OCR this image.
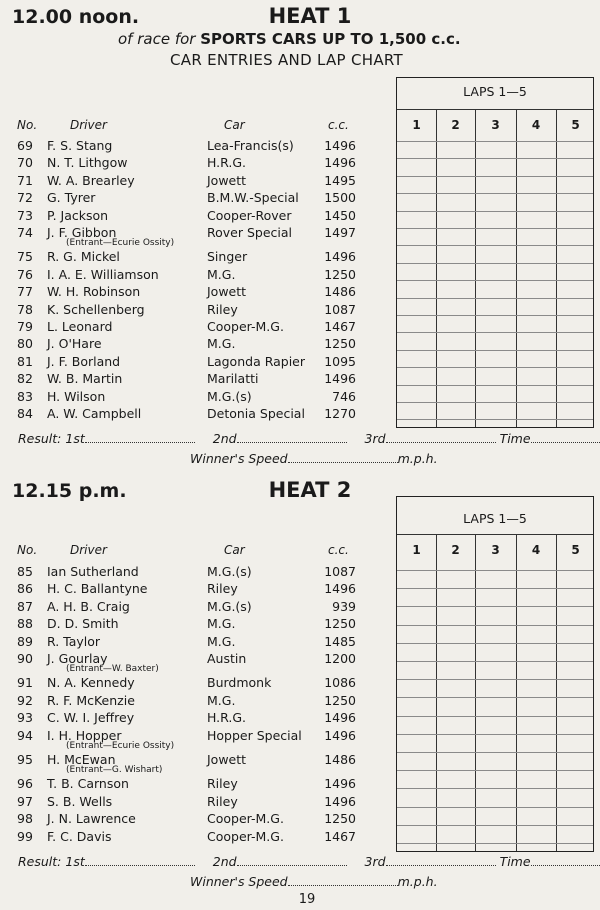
12.00 noon.	HEAT 1
of race for SPORTS CARS UP TO 1,500 c.c.
CAR ENTRIES AND LAP CHART
No.	Driver	Car	c.c.
69	F. S. Stang	Lea-Francis(s) 1496
70	N. T. Lithgow	H.R.G.	1496
71	W. A. Brearley	Jowett	1495
72	G. Tyrer	B.M.W.-Special 1500
73	P. Jackson	Cooper-Rover	1450
74	J. F. Gibbon	Rover Special	1497
(Entrant—Ecurie Ossity)
75	R. G. Mickel	Singer	1496
76	I. A. E. Williamson	M.G.	1250
77	W. H. Robinson	Jowett	1486
78	K. Schellenberg	Riley	1087
79	L. Leonard	Cooper-M.G.	1467
80	J. O'Hare	M.G.	1250
81	J. F. Borland	Lagonda Rapier 1095
82	W. B. Martin	Marilatti	1496
83	H. Wilson	M.G.(s)	746
84	A. W. Campbell	Detonia Special 1270
LAPS 1—5
1	2	3	4	5
Result: 1st	2nd	3rd	Time
Winner's Speed	m.p.h.
12.15 p.m.	HEAT 2
No.	Driver	Car	c.c.
85	Ian Sutherland	M.G.(s)	1087
86	H. C. Ballantyne	Riley	1496
87	A. H. B. Craig	M.G.(s)	939
88	D. D. Smith	M.G.	1250
89	R. Taylor	M.G.	1485
90	J. Gourlay	Austin	1200
(Entrant—W. Baxter)
91	N. A. Kennedy	Burdmonk	1086
92	R. F. McKenzie	M.G.	1250
93	C. W. I. Jeffrey	H.R.G.	1496
94	I. H. Hopper	Hopper Special 1496
(Entrant—Ecurie Ossity)
95	H. McEwan	Jowett	1486
(Entrant—G. Wishart)
96	T. B. Carnson	Riley	1496
97	S. B. Wells	Riley	1496
98	J. N. Lawrence	Cooper-M.G.	1250
99	F. C. Davis	Cooper-M.G.	1467
LAPS 1—5
1	2	3	4	5
Result: 1st	2nd	3rd	Time
Winner's Speed	m.p.h.
19
